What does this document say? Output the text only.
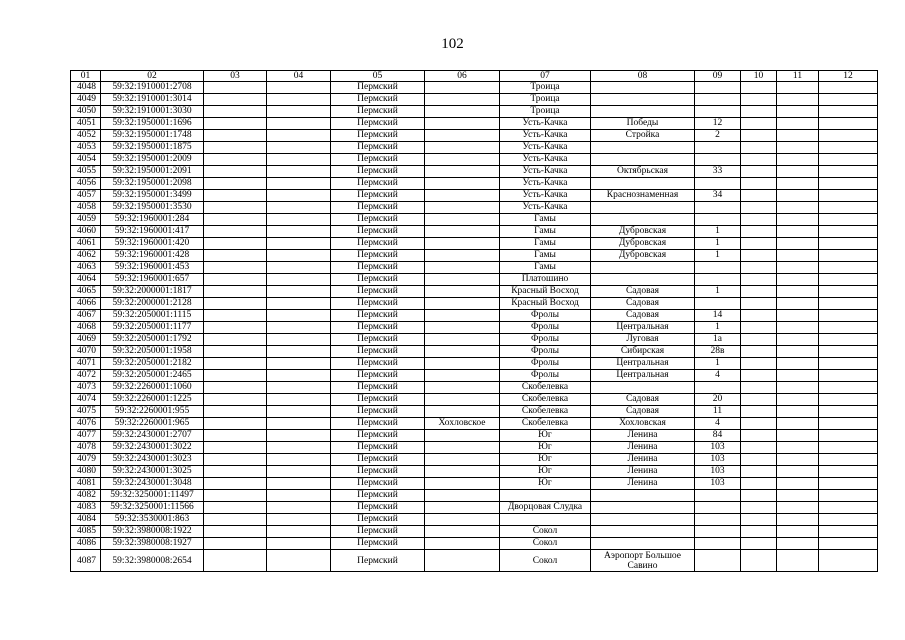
102
01	02	03	04	05	06	07	08	09	10	11	12
4048	59:32:1910001:2708			Пермский		Троица					
4049	59:32:1910001:3014			Пермский		Троица					
4050	59:32:1910001:3030			Пермский		Троица					
4051	59:32:1950001:1696			Пермский		Усть-Качка	Победы	12			
4052	59:32:1950001:1748			Пермский		Усть-Качка	Стройка	2			
4053	59:32:1950001:1875			Пермский		Усть-Качка					
4054	59:32:1950001:2009			Пермский		Усть-Качка					
4055	59:32:1950001:2091			Пермский		Усть-Качка	Октябрьская	33			
4056	59:32:1950001:2098			Пермский		Усть-Качка					
4057	59:32:1950001:3499			Пермский		Усть-Качка	Краснознаменная	34			
4058	59:32:1950001:3530			Пермский		Усть-Качка					
4059	59:32:1960001:284			Пермский		Гамы					
4060	59:32:1960001:417			Пермский		Гамы	Дубровская	1			
4061	59:32:1960001:420			Пермский		Гамы	Дубровская	1			
4062	59:32:1960001:428			Пермский		Гамы	Дубровская	1			
4063	59:32:1960001:453			Пермский		Гамы					
4064	59:32:1960001:657			Пермский		Платошино					
4065	59:32:2000001:1817			Пермский		Красный Восход	Садовая	1			
4066	59:32:2000001:2128			Пермский		Красный Восход	Садовая				
4067	59:32:2050001:1115			Пермский		Фролы	Садовая	14			
4068	59:32:2050001:1177			Пермский		Фролы	Центральная	1			
4069	59:32:2050001:1792			Пермский		Фролы	Луговая	1а			
4070	59:32:2050001:1958			Пермский		Фролы	Сибирская	28в			
4071	59:32:2050001:2182			Пермский		Фролы	Центральная	1			
4072	59:32:2050001:2465			Пермский		Фролы	Центральная	4			
4073	59:32:2260001:1060			Пермский		Скобелевка					
4074	59:32:2260001:1225			Пермский		Скобелевка	Садовая	20			
4075	59:32:2260001:955			Пермский		Скобелевка	Садовая	11			
4076	59:32:2260001:965			Пермский	Хохловское	Скобелевка	Хохловская	4			
4077	59:32:2430001:2707			Пермский		Юг	Ленина	84			
4078	59:32:2430001:3022			Пермский		Юг	Ленина	103			
4079	59:32:2430001:3023			Пермский		Юг	Ленина	103			
4080	59:32:2430001:3025			Пермский		Юг	Ленина	103			
4081	59:32:2430001:3048			Пермский		Юг	Ленина	103			
4082	59:32:3250001:11497			Пермский							
4083	59:32:3250001:11566			Пермский		Дворцовая Слудка					
4084	59:32:3530001:863			Пермский							
4085	59:32:3980008:1922			Пермский		Сокол					
4086	59:32:3980008:1927			Пермский		Сокол					
4087	59:32:3980008:2654			Пермский		Сокол	Аэропорт Большое Савино				
